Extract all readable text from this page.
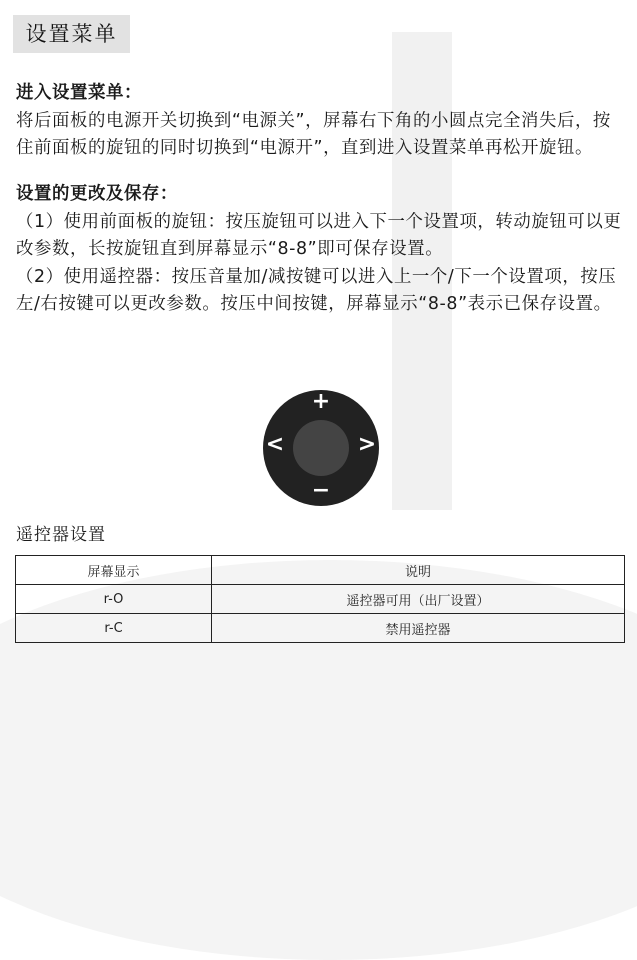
设置菜单

进入设置菜单：

将后面板的电源开关切换到“电源关”，屏幕右下角的小圆点完全消失后，按住前面板的旋钮的同时切换到“电源开”，直到进入设置菜单再松开旋钮。

设置的更改及保存：

（1）使用前面板的旋钮：按压旋钮可以进入下一个设置项，转动旋钮可以更改参数，长按旋钮直到屏幕显示“8-8”即可保存设置。

（2）使用遥控器：按压音量加/减按键可以进入上一个/下一个设置项，按压左/右按键可以更改参数。按压中间按键，屏幕显示“8-8”表示已保存设置。

+
−
<	>
遥控器设置
屏幕显示	说明
r-O	遥控器可用（出厂设置）
r-C	禁用遥控器
